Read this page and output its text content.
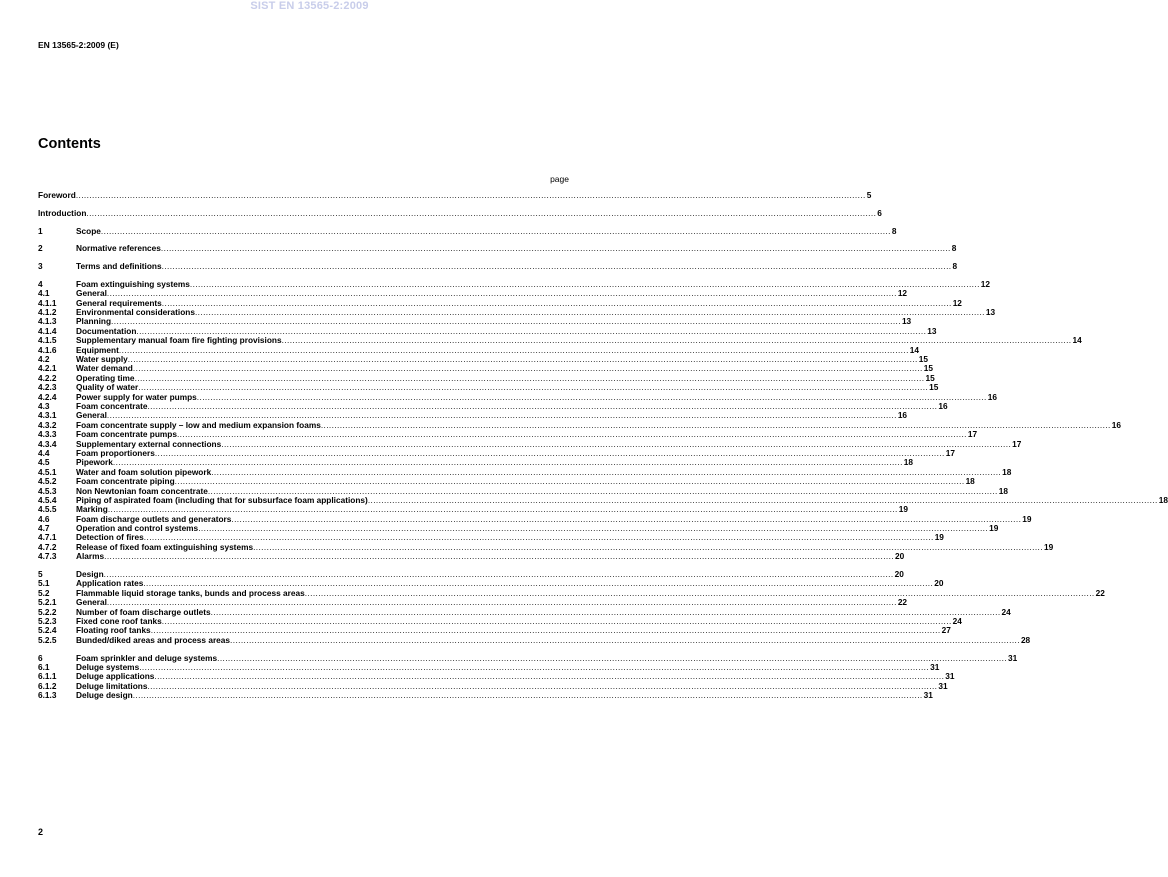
SIST EN 13565-2:2009
EN 13565-2:2009 (E)
Contents
page
Foreword .....	5
Introduction .....	6
1	Scope .....	8
2	Normative references .....	8
3	Terms and definitions .....	8
4	Foam extinguishing systems .....	12
4.1	General .....	12
4.1.1	General requirements .....	12
4.1.2	Environmental considerations .....	13
4.1.3	Planning .....	13
4.1.4	Documentation .....	13
4.1.5	Supplementary manual foam fire fighting provisions .....	14
4.1.6	Equipment .....	14
4.2	Water supply .....	15
4.2.1	Water demand .....	15
4.2.2	Operating time .....	15
4.2.3	Quality of water .....	15
4.2.4	Power supply for water pumps .....	16
4.3	Foam concentrate .....	16
4.3.1	General .....	16
4.3.2	Foam concentrate supply – low and medium expansion foams .....	16
4.3.3	Foam concentrate pumps .....	17
4.3.4	Supplementary external connections .....	17
4.4	Foam proportioners .....	17
4.5	Pipework .....	18
4.5.1	Water and foam solution pipework .....	18
4.5.2	Foam concentrate piping .....	18
4.5.3	Non Newtonian foam concentrate .....	18
4.5.4	Piping of aspirated foam (including that for subsurface foam applications) .....	18
4.5.5	Marking .....	19
4.6	Foam discharge outlets and generators .....	19
4.7	Operation and control systems .....	19
4.7.1	Detection of fires .....	19
4.7.2	Release of fixed foam extinguishing systems .....	19
4.7.3	Alarms .....	20
5	Design .....	20
5.1	Application rates .....	20
5.2	Flammable liquid storage tanks, bunds and process areas .....	22
5.2.1	General .....	22
5.2.2	Number of foam discharge outlets .....	24
5.2.3	Fixed cone roof tanks .....	24
5.2.4	Floating roof tanks .....	27
5.2.5	Bunded/diked areas and process areas .....	28
6	Foam sprinkler and deluge systems .....	31
6.1	Deluge systems .....	31
6.1.1	Deluge applications .....	31
6.1.2	Deluge limitations .....	31
6.1.3	Deluge design .....	31
2
